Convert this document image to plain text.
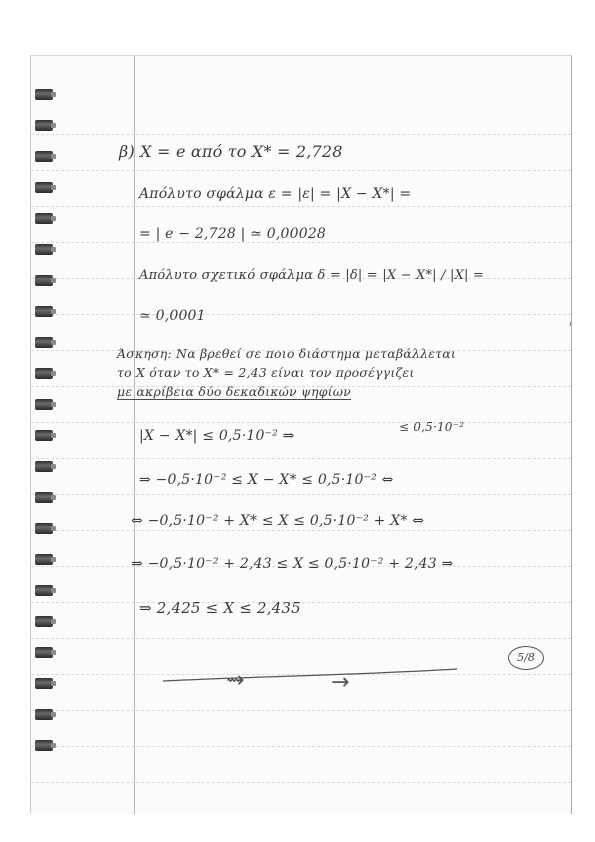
β) X = e από το X* = 2,728
Απόλυτο σφάλμα ε = |ε| = |X − X*| =
= | e − 2,728 | ≃ 0,00028
Απόλυτο σχετικό σφάλμα δ = |δ| = |X − X*| / |X| =
≃ 0,0001
Άσκηση: Να βρεθεί σε ποιο διάστημα μεταβάλλεται
το X όταν το X* = 2,43 είναι τον προσέγγιζει
με ακρίβεια δύο δεκαδικών ψηφίων
|X − X*| ≤ 0,5·10⁻² ⇒
≤ 0,5·10⁻²
⇒ −0,5·10⁻² ≤ X − X* ≤ 0,5·10⁻² ⇔
⇔ −0,5·10⁻² + X* ≤ X ≤ 0,5·10⁻² + X* ⇔
⇒ −0,5·10⁻² + 2,43 ≤ X ≤ 0,5·10⁻² + 2,43 ⇒
⇒ 2,425 ≤ X ≤ 2,435
5/8
⇝	→
